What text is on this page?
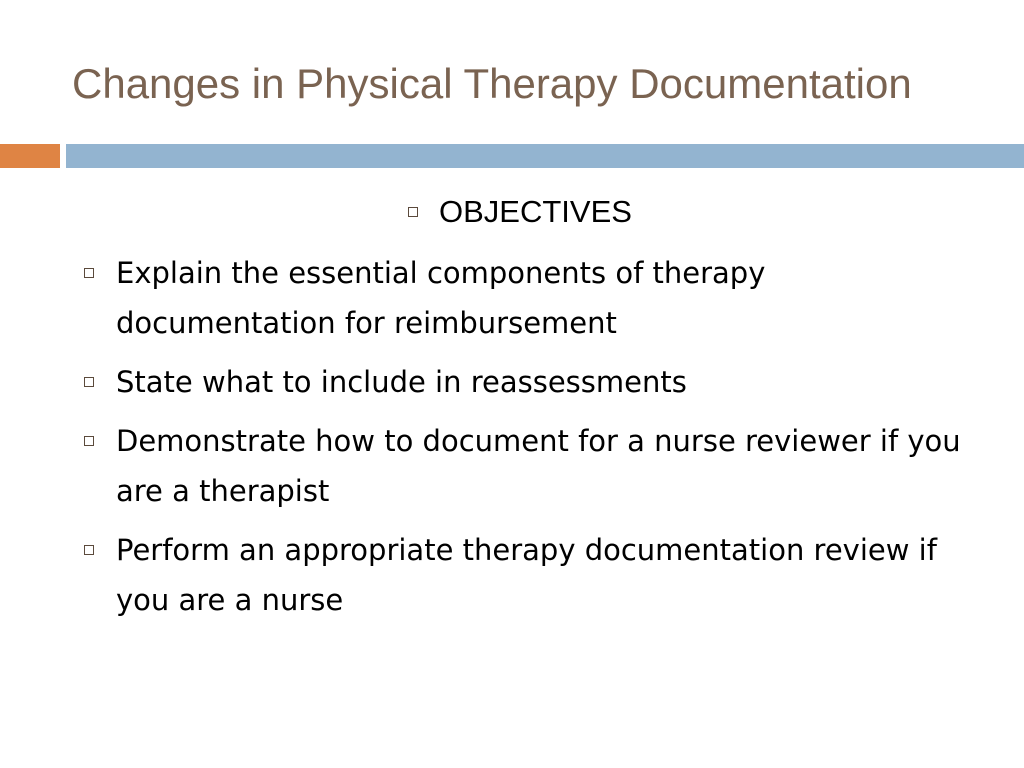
Changes in Physical Therapy Documentation
OBJECTIVES
Explain the essential components of therapy documentation for reimbursement
State what to include in reassessments
Demonstrate how to document for a nurse reviewer if you are a therapist
Perform an appropriate therapy documentation review if you are a nurse
